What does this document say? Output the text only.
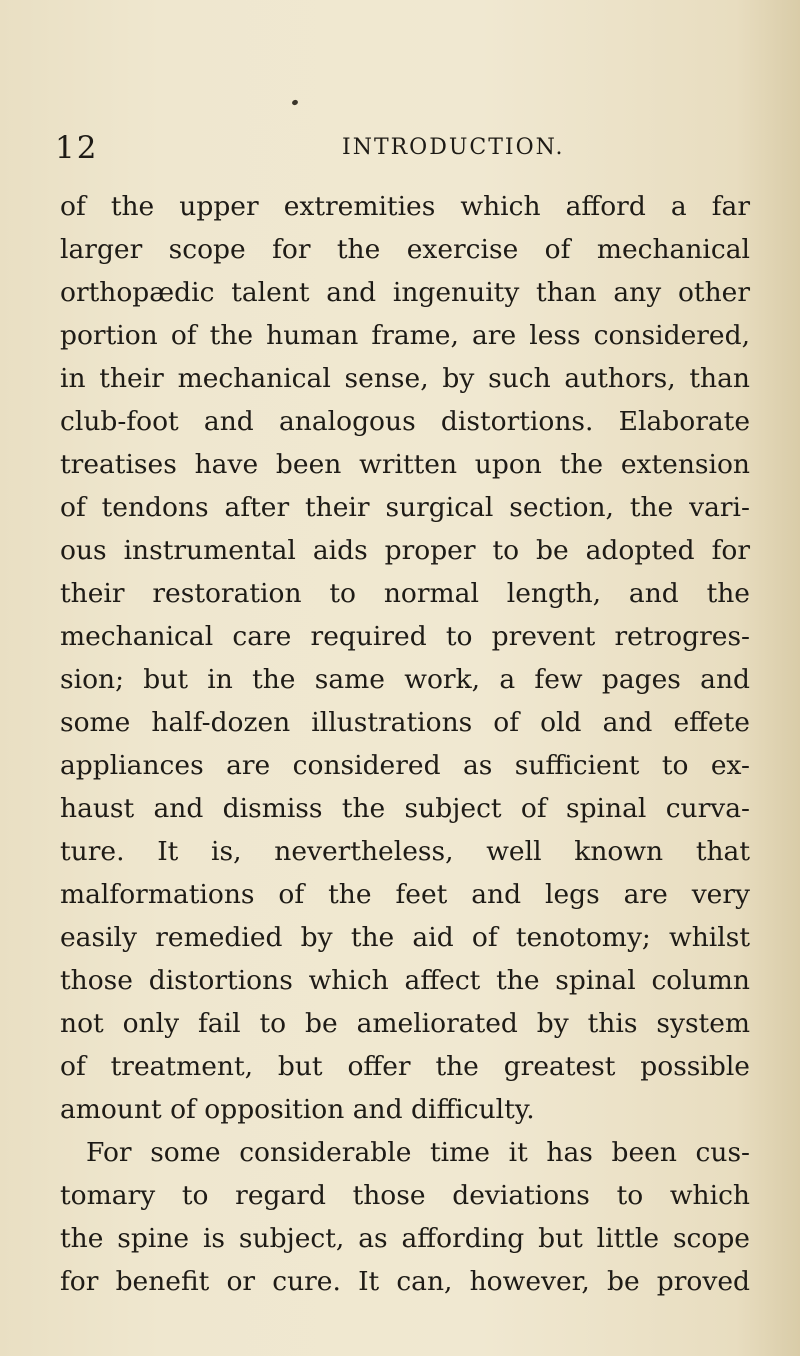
12	INTRODUCTION.
of the upper extremities which afford a far
larger scope for the exercise of mechanical
orthopædic talent and ingenuity than any other
portion of the human frame, are less considered,
in their mechanical sense, by such authors, than
club-foot and analogous distortions. Elaborate
treatises have been written upon the extension
of tendons after their surgical section, the vari-
ous instrumental aids proper to be adopted for
their restoration to normal length, and the
mechanical care required to prevent retrogres-
sion; but in the same work, a few pages and
some half-dozen illustrations of old and effete
appliances are considered as sufficient to ex-
haust and dismiss the subject of spinal curva-
ture. It is, nevertheless, well known that
malformations of the feet and legs are very
easily remedied by the aid of tenotomy; whilst
those distortions which affect the spinal column
not only fail to be ameliorated by this system
of treatment, but offer the greatest possible
amount of opposition and difficulty.
For some considerable time it has been cus-
tomary to regard those deviations to which
the spine is subject, as affording but little scope
for benefit or cure. It can, however, be proved
